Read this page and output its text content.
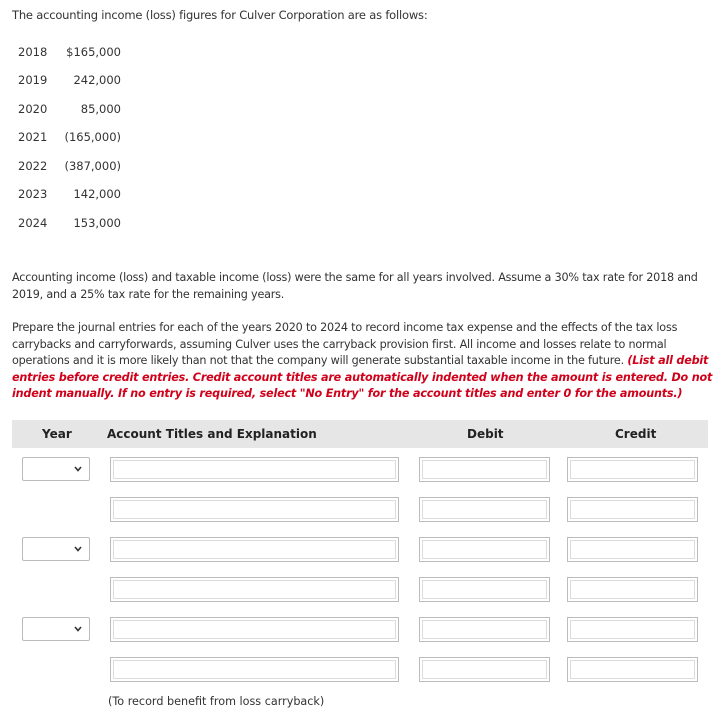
The accounting income (loss) figures for Culver Corporation are as follows:
2018 $165,000
2019 242,000
2020	85,000
2021 (165,000)
2022 (387,000)
2023 142,000
2024 153,000
Accounting income (loss) and taxable income (loss) were the same for all years involved. Assume a 30% tax rate for 2018 and 2019, and a 25% tax rate for the remaining years.
Prepare the journal entries for each of the years 2020 to 2024 to record income tax expense and the effects of the tax loss carrybacks and carryforwards, assuming Culver uses the carryback provision first. All income and losses relate to normal operations and it is more likely than not that the company will generate substantial taxable income in the future. (List all debit entries before credit entries. Credit account titles are automatically indented when the amount is entered. Do not indent manually. If no entry is required, select "No Entry" for the account titles and enter 0 for the amounts.)
Year	Account Titles and Explanation	Debit	Credit
(To record benefit from loss carryback)
